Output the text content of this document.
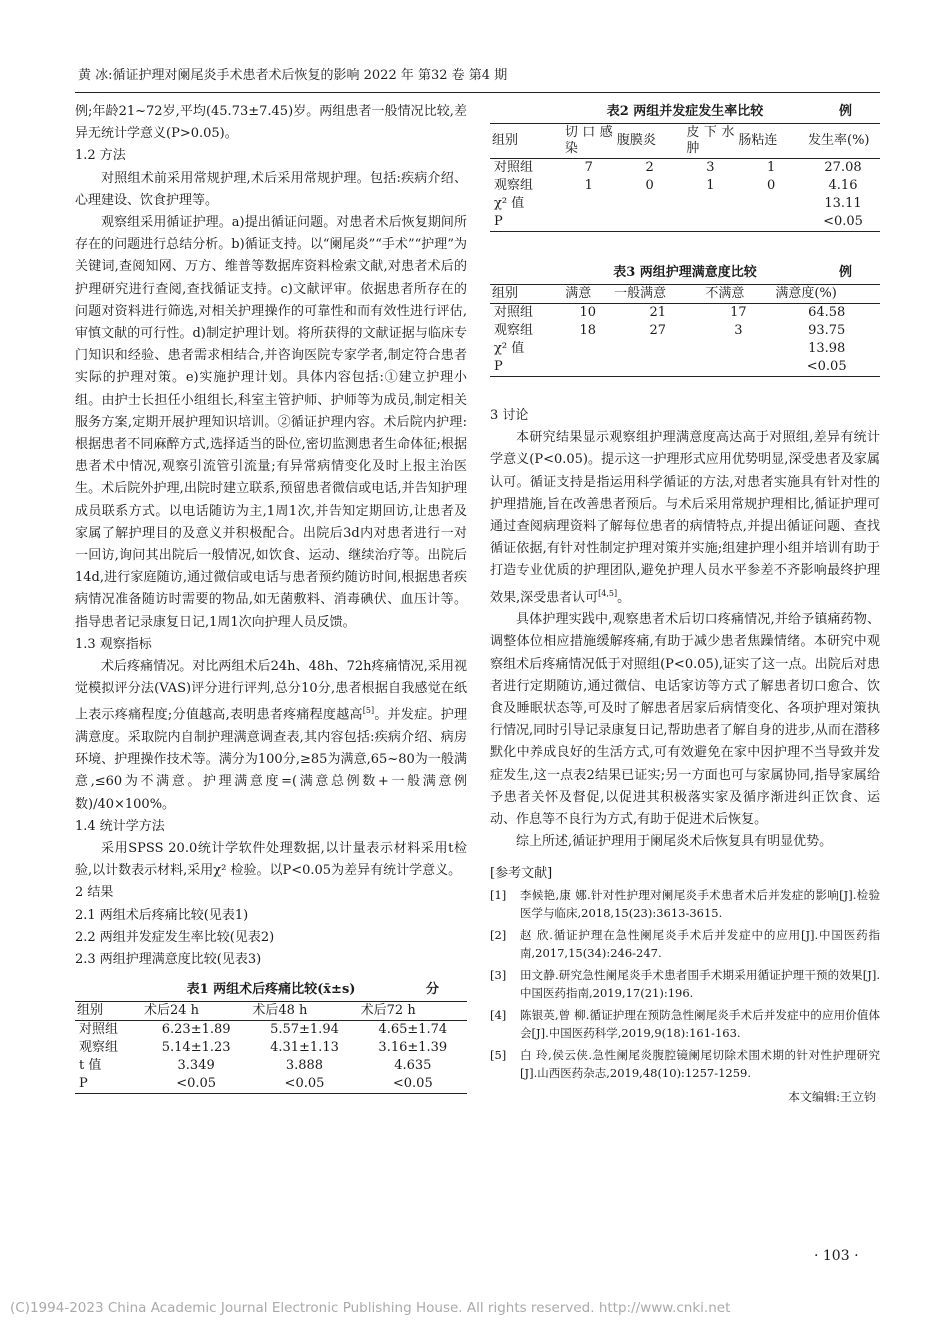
黄 冰:循证护理对阑尾炎手术患者术后恢复的影响 2022 年 第32 卷 第4 期

例;年龄21~72岁,平均(45.73±7.45)岁。两组患者一般情况比较,差异无统计学意义(P>0.05)。

1.2 方法

对照组术前采用常规护理,术后采用常规护理。包括:疾病介绍、心理建设、饮食护理等。

观察组采用循证护理。a)提出循证问题。对患者术后恢复期间所存在的问题进行总结分析。b)循证支持。以“阑尾炎”“手术”“护理”为关键词,查阅知网、万方、维普等数据库资料检索文献,对患者术后的护理研究进行查阅,查找循证支持。c)文献评审。依据患者所存在的问题对资料进行筛选,对相关护理操作的可靠性和而有效性进行评估,审慎文献的可行性。d)制定护理计划。将所获得的文献证据与临床专门知识和经验、患者需求相结合,并咨询医院专家学者,制定符合患者实际的护理对策。e)实施护理计划。具体内容包括:①建立护理小组。由护士长担任小组组长,科室主管护师、护师等为成员,制定相关服务方案,定期开展护理知识培训。②循证护理内容。术后院内护理:根据患者不同麻醉方式,选择适当的卧位,密切监测患者生命体征;根据患者术中情况,观察引流管引流量;有异常病情变化及时上报主治医生。术后院外护理,出院时建立联系,预留患者微信或电话,并告知护理成员联系方式。以电话随访为主,1周1次,并告知定期回访,让患者及家属了解护理目的及意义并积极配合。出院后3d内对患者进行一对一回访,询问其出院后一般情况,如饮食、运动、继续治疗等。出院后14d,进行家庭随访,通过微信或电话与患者预约随访时间,根据患者疾病情况准备随访时需要的物品,如无菌敷料、消毒碘伏、血压计等。指导患者记录康复日记,1周1次向护理人员反馈。

1.3 观察指标

术后疼痛情况。对比两组术后24h、48h、72h疼痛情况,采用视觉模拟评分法(VAS)评分进行评判,总分10分,患者根据自我感觉在纸上表示疼痛程度;分值越高,表明患者疼痛程度越高[5]。并发症。护理满意度。采取院内自制护理满意调查表,其内容包括:疾病介绍、病房环境、护理操作技术等。满分为100分,≥85为满意,65~80为一般满意,≤60为不满意。护理满意度=(满意总例数+一般满意例数)/40×100%。

1.4 统计学方法

采用SPSS 20.0统计学软件处理数据,以计量表示材料采用t检验,以计数表示材料,采用χ² 检验。以P<0.05为差异有统计学意义。

2 结果

2.1 两组术后疼痛比较(见表1)

2.2 两组并发症发生率比较(见表2)

2.3 两组护理满意度比较(见表3)

表1 两组术后疼痛比较(x̄±s)	分

组别	术后24 h	术后48 h	术后72 h
对照组	6.23±1.89	5.57±1.94	4.65±1.74
观察组	5.14±1.23	4.31±1.13	3.16±1.39
t 值	3.349	3.888	4.635
P	<0.05	<0.05	<0.05

表2 两组并发症发生率比较	例

组别	切口感染	腹膜炎	皮下水肿	肠粘连	发生率(%)
对照组	7	2	3	1	27.08
观察组	1	0	1	0	4.16
χ² 值					13.11
P					<0.05

表3 两组护理满意度比较	例

组别	满意	一般满意	不满意	满意度(%)
对照组	10	21	17	64.58
观察组	18	27	3	93.75
χ² 值				13.98
P				<0.05

3 讨论

本研究结果显示观察组护理满意度高达高于对照组,差异有统计学意义(P<0.05)。提示这一护理形式应用优势明显,深受患者及家属认可。循证支持是指运用科学循证的方法,对患者实施具有针对性的护理措施,旨在改善患者预后。与术后采用常规护理相比,循证护理可通过查阅病理资料了解每位患者的病情特点,并提出循证问题、查找循证依据,有针对性制定护理对策并实施;组建护理小组并培训有助于打造专业优质的护理团队,避免护理人员水平参差不齐影响最终护理效果,深受患者认可[4,5]。

具体护理实践中,观察患者术后切口疼痛情况,并给予镇痛药物、调整体位相应措施缓解疼痛,有助于减少患者焦躁情绪。本研究中观察组术后疼痛情况低于对照组(P<0.05),证实了这一点。出院后对患者进行定期随访,通过微信、电话家访等方式了解患者切口愈合、饮食及睡眠状态等,可及时了解患者居家后病情变化、各项护理对策执行情况,同时引导记录康复日记,帮助患者了解自身的进步,从而在潜移默化中养成良好的生活方式,可有效避免在家中因护理不当导致并发症发生,这一点表2结果已证实;另一方面也可与家属协同,指导家属给予患者关怀及督促,以促进其积极落实家及循序渐进纠正饮食、运动、作息等不良行为方式,有助于促进术后恢复。

综上所述,循证护理用于阑尾炎术后恢复具有明显优势。

[参考文献]

[1]	李候艳,康 娜.针对性护理对阑尾炎手术患者术后并发症的影响[J].检验医学与临床,2018,15(23):3613-3615.
[2]	赵 欣.循证护理在急性阑尾炎手术后并发症中的应用[J].中国医药指南,2017,15(34):246-247.
[3]	田文静.研究急性阑尾炎手术患者围手术期采用循证护理干预的效果[J].中国医药指南,2019,17(21):196.
[4]	陈银英,曾 柳.循证护理在预防急性阑尾炎手术后并发症中的应用价值体会[J].中国医药科学,2019,9(18):161-163.
[5]	白 玲,侯云侠.急性阑尾炎腹腔镜阑尾切除术围术期的针对性护理研究[J].山西医药杂志,2019,48(10):1257-1259.
本文编辑:王立钧
· 103 ·
(C)1994-2023 China Academic Journal Electronic Publishing House. All rights reserved. http://www.cnki.net
